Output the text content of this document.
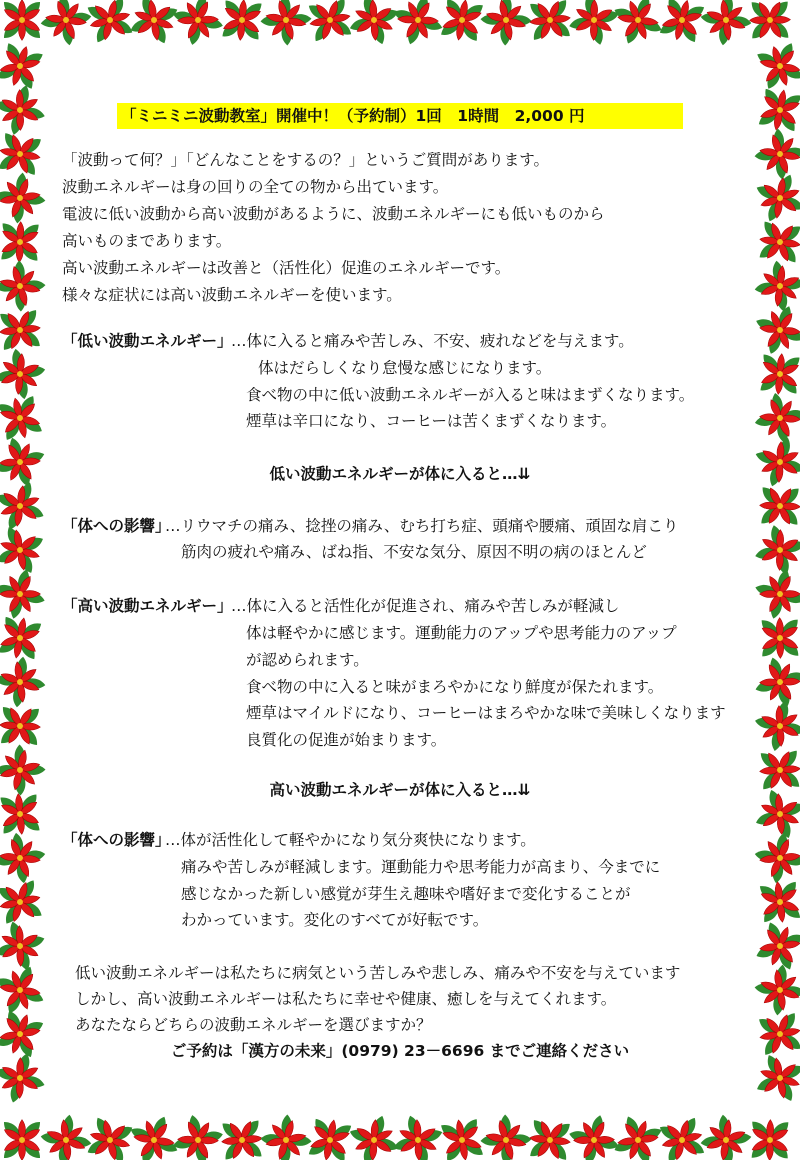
「ミニミニ波動教室」開催中！（予約制）1回　1時間　2,000 円
「波動って何？」「どんなことをするの？」というご質問があります。
波動エネルギーは身の回りの全ての物から出ています。
電波に低い波動から高い波動があるように、波動エネルギーにも低いものから
高いものまであります。
高い波動エネルギーは改善と（活性化）促進のエネルギーです。
様々な症状には高い波動エネルギーを使います。
「低い波動エネルギー」
…体に入ると痛みや苦しみ、不安、疲れなどを与えます。
体はだらしくなり怠慢な感じになります。
食べ物の中に低い波動エネルギーが入ると味はまずくなります。
煙草は辛口になり、コーヒーは苦くまずくなります。
低い波動エネルギーが体に入ると…⇊
「体への影響」
…リウマチの痛み、捻挫の痛み、むち打ち症、頭痛や腰痛、頑固な肩こり
筋肉の疲れや痛み、ばね指、不安な気分、原因不明の病のほとんど
「高い波動エネルギー」
…体に入ると活性化が促進され、痛みや苦しみが軽減し
体は軽やかに感じます。運動能力のアップや思考能力のアップ
が認められます。
食べ物の中に入ると味がまろやかになり鮮度が保たれます。
煙草はマイルドになり、コーヒーはまろやかな味で美味しくなります
良質化の促進が始まります。
高い波動エネルギーが体に入ると…⇊
「体への影響」
…体が活性化して軽やかになり気分爽快になります。
痛みや苦しみが軽減します。運動能力や思考能力が高まり、今までに
感じなかった新しい感覚が芽生え趣味や嗜好まで変化することが
わかっています。変化のすべてが好転です。
低い波動エネルギーは私たちに病気という苦しみや悲しみ、痛みや不安を与えています
しかし、高い波動エネルギーは私たちに幸せや健康、癒しを与えてくれます。
あなたならどちらの波動エネルギーを選びますか？
ご予約は「漢方の未来」(0979) 23－6696 までご連絡ください
